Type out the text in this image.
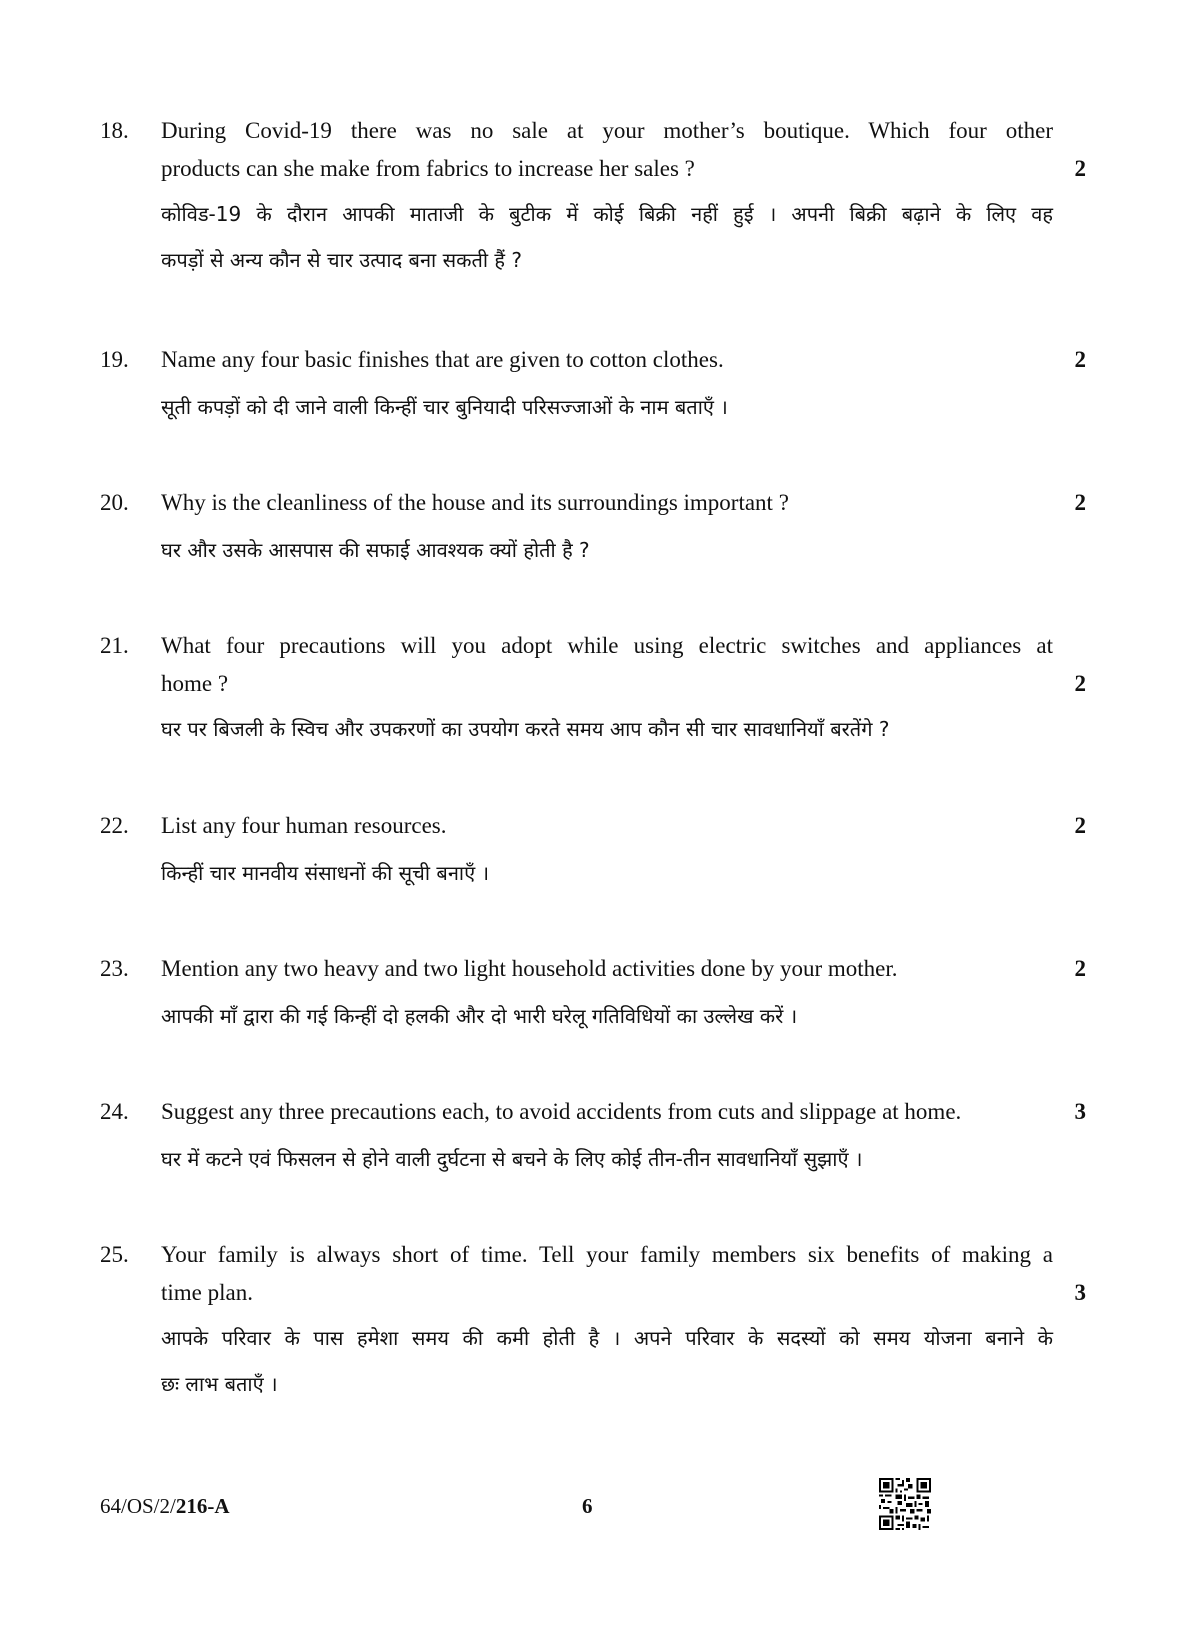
18. During Covid-19 there was no sale at your mother’s boutique. Which four other
products can she make from fabrics to increase her sales ?	2
कोविड-19 के दौरान आपकी माताजी के बुटीक में कोई बिक्री नहीं हुई । अपनी बिक्री बढ़ाने के लिए वह
कपड़ों से अन्य कौन से चार उत्पाद बना सकती हैं ?
19. Name any four basic finishes that are given to cotton clothes.	2
सूती कपड़ों को दी जाने वाली किन्हीं चार बुनियादी परिसज्जाओं के नाम बताएँ ।
20. Why is the cleanliness of the house and its surroundings important ?	2
घर और उसके आसपास की सफाई आवश्यक क्यों होती है ?
21. What four precautions will you adopt while using electric switches and appliances at
home ?	2
घर पर बिजली के स्विच और उपकरणों का उपयोग करते समय आप कौन सी चार सावधानियाँ बरतेंगे ?
22. List any four human resources.	2
किन्हीं चार मानवीय संसाधनों की सूची बनाएँ ।
23. Mention any two heavy and two light household activities done by your mother.	2
आपकी माँ द्वारा की गई किन्हीं दो हलकी और दो भारी घरेलू गतिविधियों का उल्लेख करें ।
24. Suggest any three precautions each, to avoid accidents from cuts and slippage at home.	3
घर में कटने एवं फिसलन से होने वाली दुर्घटना से बचने के लिए कोई तीन-तीन सावधानियाँ सुझाएँ ।
25. Your family is always short of time. Tell your family members six benefits of making a
time plan.	3
आपके परिवार के पास हमेशा समय की कमी होती है । अपने परिवार के सदस्यों को समय योजना बनाने के
छः लाभ बताएँ ।
64/OS/2/216-A	6
